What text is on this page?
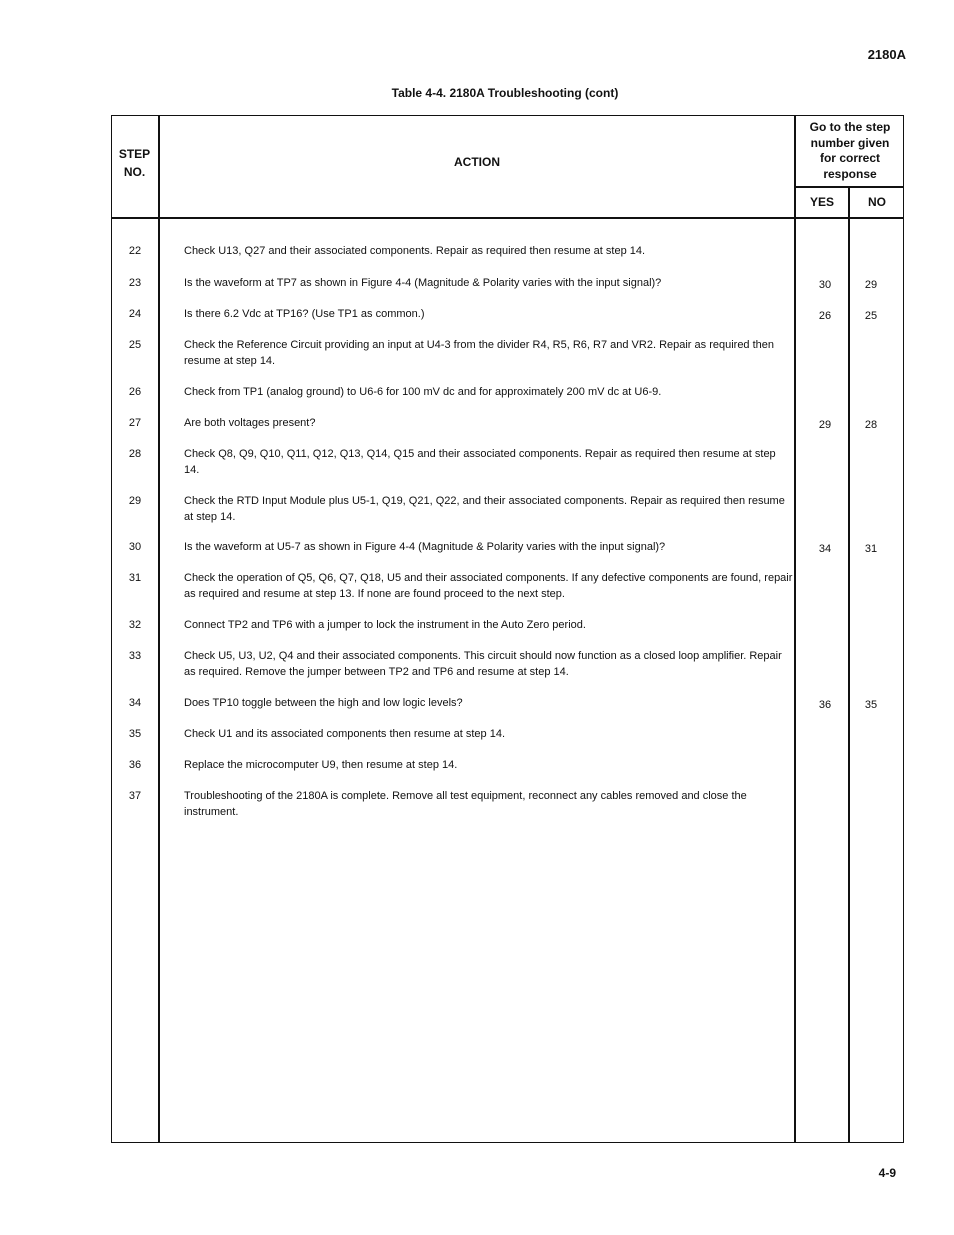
2180A
Table 4-4. 2180A Troubleshooting (cont)
STEP
NO.
ACTION
Go to the step
number given
for correct
response
YES	NO
22	Check U13, Q27 and their associated components. Repair as required then resume at step 14.
23	Is the waveform at TP7 as shown in Figure 4-4 (Magnitude & Polarity varies with the input signal)?	30	29
24	Is there 6.2 Vdc at TP16? (Use TP1 as common.)	26	25
25	Check the Reference Circuit providing an input at U4-3 from the divider R4, R5, R6, R7 and VR2. Repair as required then resume at step 14.
26	Check from TP1 (analog ground) to U6-6 for 100 mV dc and for approximately 200 mV dc at U6-9.
27	Are both voltages present?	29	28
28	Check Q8, Q9, Q10, Q11, Q12, Q13, Q14, Q15 and their associated components. Repair as required then resume at step 14.
29	Check the RTD Input Module plus U5-1, Q19, Q21, Q22, and their associated components. Repair as required then resume at step 14.
30	Is the waveform at U5-7 as shown in Figure 4-4 (Magnitude & Polarity varies with the input signal)?	34	31
31	Check the operation of Q5, Q6, Q7, Q18, U5 and their associated components. If any defective components are found, repair as required and resume at step 13. If none are found proceed to the next step.
32	Connect TP2 and TP6 with a jumper to lock the instrument in the Auto Zero period.
33	Check U5, U3, U2, Q4 and their associated components. This circuit should now function as a closed loop amplifier. Repair as required. Remove the jumper between TP2 and TP6 and resume at step 14.
34	Does TP10 toggle between the high and low logic levels?	36	35
35	Check U1 and its associated components then resume at step 14.
36	Replace the microcomputer U9, then resume at step 14.
37	Troubleshooting of the 2180A is complete. Remove all test equipment, reconnect any cables removed and close the instrument.
4-9
